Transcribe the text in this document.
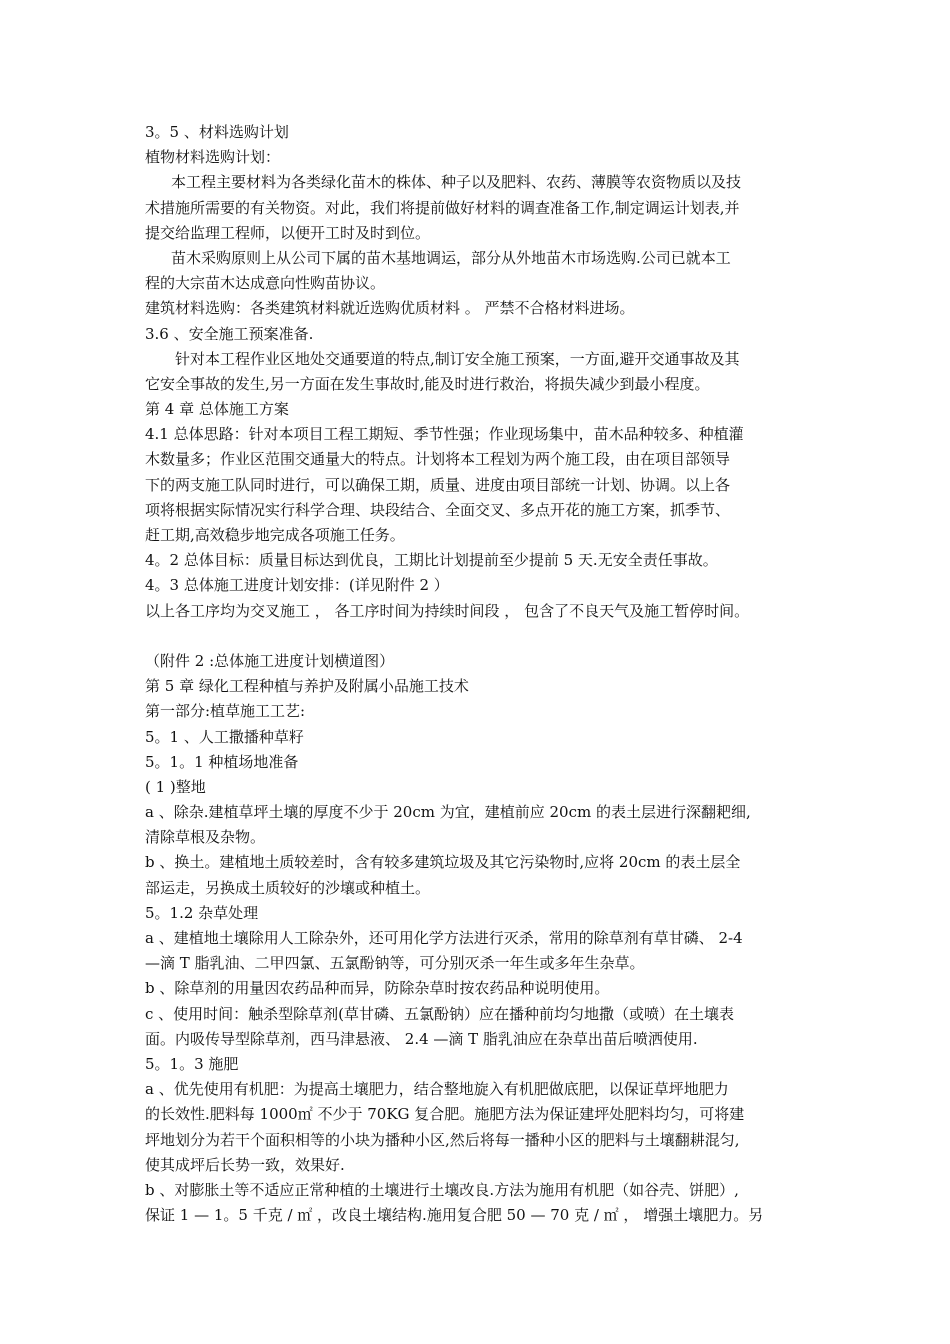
3。5 、材料选购计划
植物材料选购计划：
本工程主要材料为各类绿化苗木的株体、种子以及肥料、农药、薄膜等农资物质以及技
术措施所需要的有关物资。对此，我们将提前做好材料的调查准备工作,制定调运计划表,并
提交给监理工程师，以便开工时及时到位。
苗木采购原则上从公司下属的苗木基地调运，部分从外地苗木市场选购.公司已就本工
程的大宗苗木达成意向性购苗协议。
建筑材料选购：各类建筑材料就近选购优质材料 。 严禁不合格材料进场。
3.6 、安全施工预案准备.
针对本工程作业区地处交通要道的特点,制订安全施工预案，一方面,避开交通事故及其
它安全事故的发生,另一方面在发生事故时,能及时进行救治，将损失减少到最小程度。
第 4 章 总体施工方案
4.1 总体思路：针对本项目工程工期短、季节性强；作业现场集中，苗木品种较多、种植灌
木数量多；作业区范围交通量大的特点。计划将本工程划为两个施工段，由在项目部领导
下的两支施工队同时进行，可以确保工期，质量、进度由项目部统一计划、协调。以上各
项将根据实际情况实行科学合理、块段结合、全面交叉、多点开花的施工方案，抓季节、
赶工期,高效稳步地完成各项施工任务。
4。2 总体目标：质量目标达到优良，工期比计划提前至少提前 5 天.无安全责任事故。
4。3 总体施工进度计划安排：(详见附件 2 ）
以上各工序均为交叉施工 ， 各工序时间为持续时间段 ， 包含了不良天气及施工暂停时间。
（附件 2 :总体施工进度计划横道图）
第 5 章 绿化工程种植与养护及附属小品施工技术
第一部分:植草施工工艺:
5。1 、人工撒播种草籽
5。1。1 种植场地准备
( 1 )整地
a 、除杂.建植草坪土壤的厚度不少于 20cm 为宜，建植前应 20cm 的表土层进行深翻耙细,
清除草根及杂物。
b 、换土。建植地土质较差时，含有较多建筑垃圾及其它污染物时,应将 20cm 的表土层全
部运走，另换成土质较好的沙壤或种植土。
5。1.2 杂草处理
a 、建植地土壤除用人工除杂外，还可用化学方法进行灭杀，常用的除草剂有草甘磷、 2-4
—滴 T 脂乳油、二甲四氯、五氯酚钠等，可分别灭杀一年生或多年生杂草。
b 、除草剂的用量因农药品种而异，防除杂草时按农药品种说明使用。
c 、使用时间：触杀型除草剂(草甘磷、五氯酚钠）应在播种前均匀地撒（或喷）在土壤表
面。内吸传导型除草剂，西马津悬液、 2.4 —滴 T 脂乳油应在杂草出苗后喷洒使用.
5。1。3 施肥
a 、优先使用有机肥：为提高土壤肥力，结合整地旋入有机肥做底肥，以保证草坪地肥力
的长效性.肥料每 1000㎡ 不少于 70KG 复合肥。施肥方法为保证建坪处肥料均匀，可将建
坪地划分为若干个面积相等的小块为播种小区,然后将每一播种小区的肥料与土壤翻耕混匀,
使其成坪后长势一致，效果好.
b 、对膨胀土等不适应正常种植的土壤进行土壤改良.方法为施用有机肥（如谷壳、饼肥）,
保证 1 — 1。5 千克 / ㎡ ，改良土壤结构.施用复合肥 50 — 70 克 / ㎡ ， 增强土壤肥力。另
